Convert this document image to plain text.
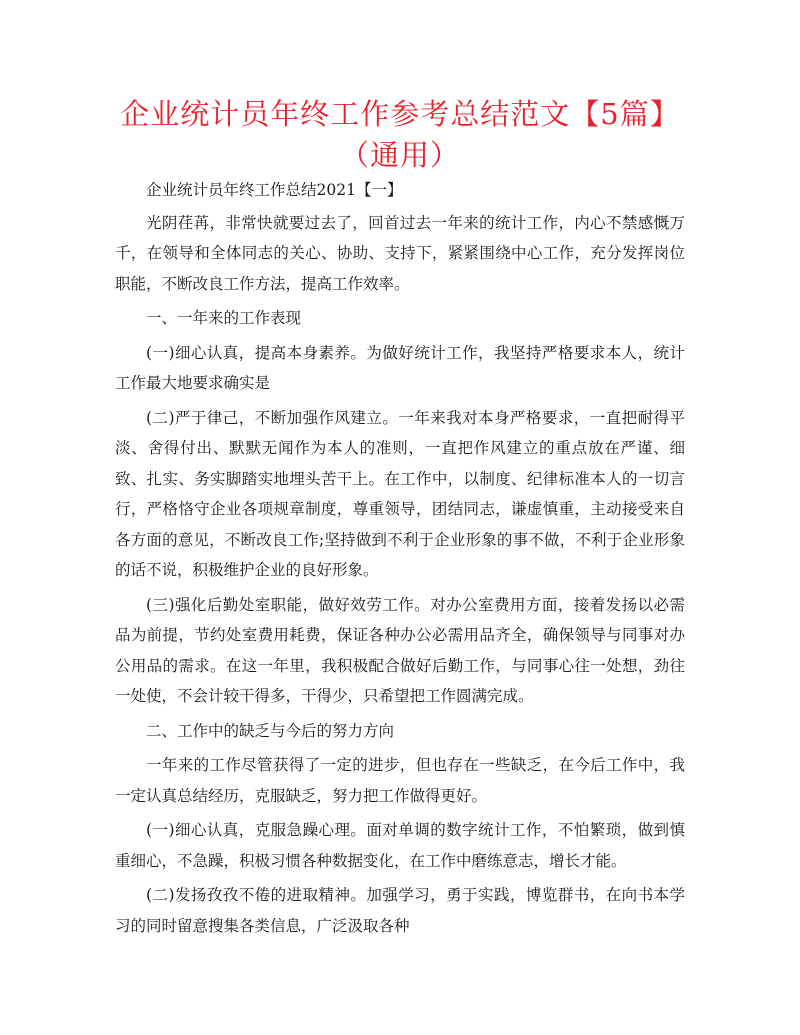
企业统计员年终工作参考总结范文【5篇】（通用）

企业统计员年终工作总结2021【一】

光阴荏苒，非常快就要过去了，回首过去一年来的统计工作，内心不禁感慨万千，在领导和全体同志的关心、协助、支持下，紧紧围绕中心工作，充分发挥岗位职能，不断改良工作方法，提高工作效率。

一、一年来的工作表现

(一)细心认真，提高本身素养。为做好统计工作，我坚持严格要求本人，统计工作最大地要求确实是

(二)严于律己，不断加强作风建立。一年来我对本身严格要求，一直把耐得平淡、舍得付出、默默无闻作为本人的准则，一直把作风建立的重点放在严谨、细致、扎实、务实脚踏实地埋头苦干上。在工作中，以制度、纪律标准本人的一切言行，严格恪守企业各项规章制度，尊重领导，团结同志，谦虚慎重，主动接受来自各方面的意见，不断改良工作;坚持做到不利于企业形象的事不做，不利于企业形象的话不说，积极维护企业的良好形象。

(三)强化后勤处室职能，做好效劳工作。对办公室费用方面，接着发扬以必需品为前提，节约处室费用耗费，保证各种办公必需用品齐全，确保领导与同事对办公用品的需求。在这一年里，我积极配合做好后勤工作，与同事心往一处想，劲往一处使，不会计较干得多，干得少，只希望把工作圆满完成。

二、工作中的缺乏与今后的努力方向

一年来的工作尽管获得了一定的进步，但也存在一些缺乏，在今后工作中，我一定认真总结经历，克服缺乏，努力把工作做得更好。

(一)细心认真，克服急躁心理。面对单调的数字统计工作，不怕繁琐，做到慎重细心，不急躁，积极习惯各种数据变化，在工作中磨练意志，增长才能。

(二)发扬孜孜不倦的进取精神。加强学习，勇于实践，博览群书，在向书本学习的同时留意搜集各类信息，广泛汲取各种
